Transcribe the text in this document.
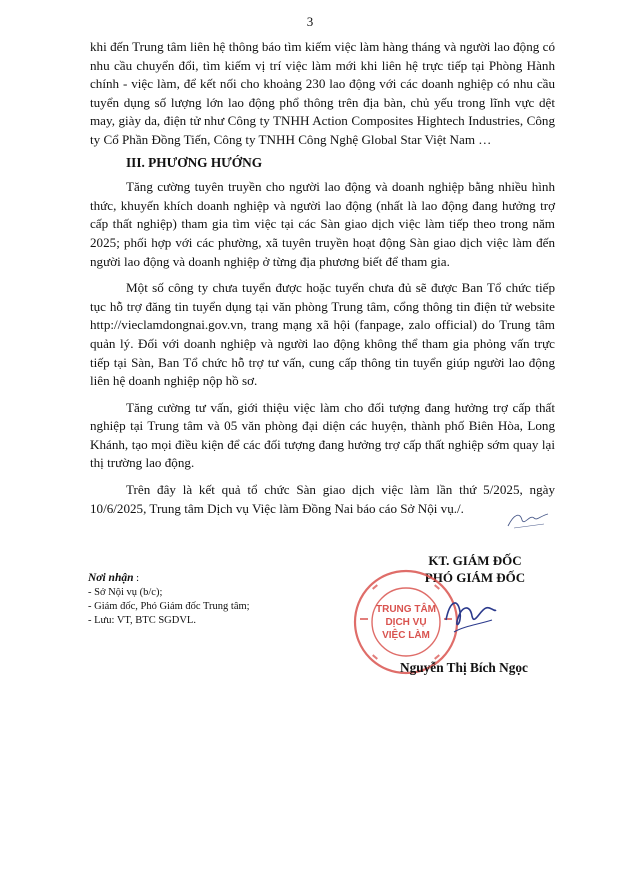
3

khi đến Trung tâm liên hệ thông báo tìm kiếm việc làm hàng tháng và người lao động có nhu cầu chuyển đổi, tìm kiếm vị trí việc làm mới khi liên hệ trực tiếp tại Phòng Hành chính - việc làm, để kết nối cho khoảng 230 lao động với các doanh nghiệp có nhu cầu tuyển dụng số lượng lớn lao động phổ thông trên địa bàn, chủ yếu trong lĩnh vực dệt may, giày da, điện tử như Công ty TNHH Action Composites Hightech Industries, Công ty Cổ Phần Đồng Tiến, Công ty TNHH Công Nghệ Global Star Việt Nam …

III. PHƯƠNG HƯỚNG

Tăng cường tuyên truyền cho người lao động và doanh nghiệp bằng nhiều hình thức, khuyến khích doanh nghiệp và người lao động (nhất là lao động đang hưởng trợ cấp thất nghiệp) tham gia tìm việc tại các Sàn giao dịch việc làm tiếp theo trong năm 2025; phối hợp với các phường, xã tuyên truyền hoạt động Sàn giao dịch việc làm đến người lao động và doanh nghiệp ở từng địa phương biết để tham gia.

Một số công ty chưa tuyển được hoặc tuyển chưa đủ sẽ được Ban Tổ chức tiếp tục hỗ trợ đăng tin tuyển dụng tại văn phòng Trung tâm, cổng thông tin điện tử website http://vieclamdongnai.gov.vn, trang mạng xã hội (fanpage, zalo official) do Trung tâm quản lý. Đối với doanh nghiệp và người lao động không thể tham gia phỏng vấn trực tiếp tại Sàn, Ban Tổ chức hỗ trợ tư vấn, cung cấp thông tin tuyển giúp người lao động liên hệ doanh nghiệp nộp hồ sơ.

Tăng cường tư vấn, giới thiệu việc làm cho đối tượng đang hưởng trợ cấp thất nghiệp tại Trung tâm và 05 văn phòng đại diện các huyện, thành phố Biên Hòa, Long Khánh, tạo mọi điều kiện để các đối tượng đang hưởng trợ cấp thất nghiệp sớm quay lại thị trường lao động.

Trên đây là kết quả tổ chức Sàn giao dịch việc làm lần thứ 5/2025, ngày 10/6/2025, Trung tâm Dịch vụ Việc làm Đồng Nai báo cáo Sở Nội vụ./.

Nơi nhận :
- Sở Nội vụ (b/c);
- Giám đốc, Phó Giám đốc Trung tâm;
- Lưu: VT, BTC SGDVL.
KT. GIÁM ĐỐC
PHÓ GIÁM ĐỐC
TRUNG TÂM
DỊCH VỤ
VIỆC LÀM
Nguyễn Thị Bích Ngọc
